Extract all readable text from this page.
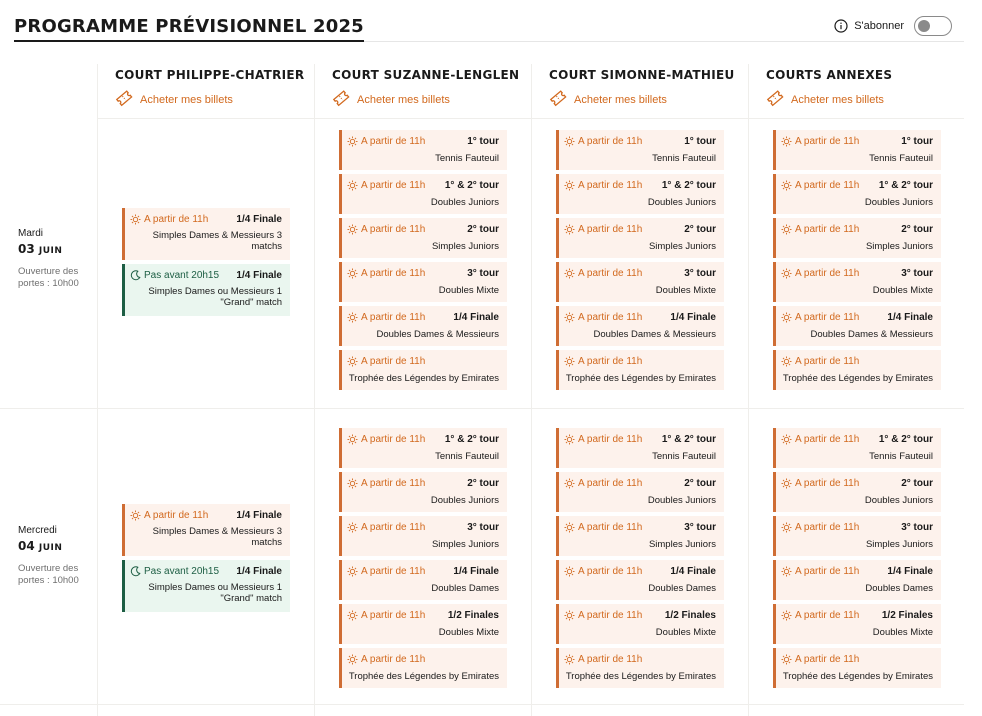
PROGRAMME PRÉVISIONNEL 2025	S'abonner
COURT PHILIPPE-CHATRIER
Acheter mes billets
COURT SUZANNE-LENGLEN
Acheter mes billets
COURT SIMONNE-MATHIEU
Acheter mes billets
COURTS ANNEXES
Acheter mes billets
Mardi
03 JUIN
Ouverture des portes : 10h00
A partir de 11h	1/4 Finale
Simples Dames & Messieurs 3 matchs
Pas avant 20h15 1/4 Finale
Simples Dames ou Messieurs 1 "Grand" match
A partir de 11h	1° tour
Tennis Fauteuil
A partir de 11h 1° & 2° tour
Doubles Juniors
A partir de 11h	2° tour
Simples Juniors
A partir de 11h	3° tour
Doubles Mixte
A partir de 11h	1/4 Finale
Doubles Dames & Messieurs
A partir de 11h
Trophée des Légendes by Emirates
A partir de 11h	1° tour
Tennis Fauteuil
A partir de 11h 1° & 2° tour
Doubles Juniors
A partir de 11h	2° tour
Simples Juniors
A partir de 11h	3° tour
Doubles Mixte
A partir de 11h	1/4 Finale
Doubles Dames & Messieurs
A partir de 11h
Trophée des Légendes by Emirates
A partir de 11h	1° tour
Tennis Fauteuil
A partir de 11h 1° & 2° tour
Doubles Juniors
A partir de 11h	2° tour
Simples Juniors
A partir de 11h	3° tour
Doubles Mixte
A partir de 11h	1/4 Finale
Doubles Dames & Messieurs
A partir de 11h
Trophée des Légendes by Emirates
Mercredi
04 JUIN
Ouverture des portes : 10h00
A partir de 11h	1/4 Finale
Simples Dames & Messieurs 3 matchs
Pas avant 20h15 1/4 Finale
Simples Dames ou Messieurs 1 "Grand" match
A partir de 11h 1° & 2° tour
Tennis Fauteuil
A partir de 11h	2° tour
Doubles Juniors
A partir de 11h	3° tour
Simples Juniors
A partir de 11h	1/4 Finale
Doubles Dames
A partir de 11h 1/2 Finales
Doubles Mixte
A partir de 11h
Trophée des Légendes by Emirates
A partir de 11h 1° & 2° tour
Tennis Fauteuil
A partir de 11h	2° tour
Doubles Juniors
A partir de 11h	3° tour
Simples Juniors
A partir de 11h	1/4 Finale
Doubles Dames
A partir de 11h 1/2 Finales
Doubles Mixte
A partir de 11h
Trophée des Légendes by Emirates
A partir de 11h 1° & 2° tour
Tennis Fauteuil
A partir de 11h	2° tour
Doubles Juniors
A partir de 11h	3° tour
Simples Juniors
A partir de 11h	1/4 Finale
Doubles Dames
A partir de 11h 1/2 Finales
Doubles Mixte
A partir de 11h
Trophée des Légendes by Emirates
